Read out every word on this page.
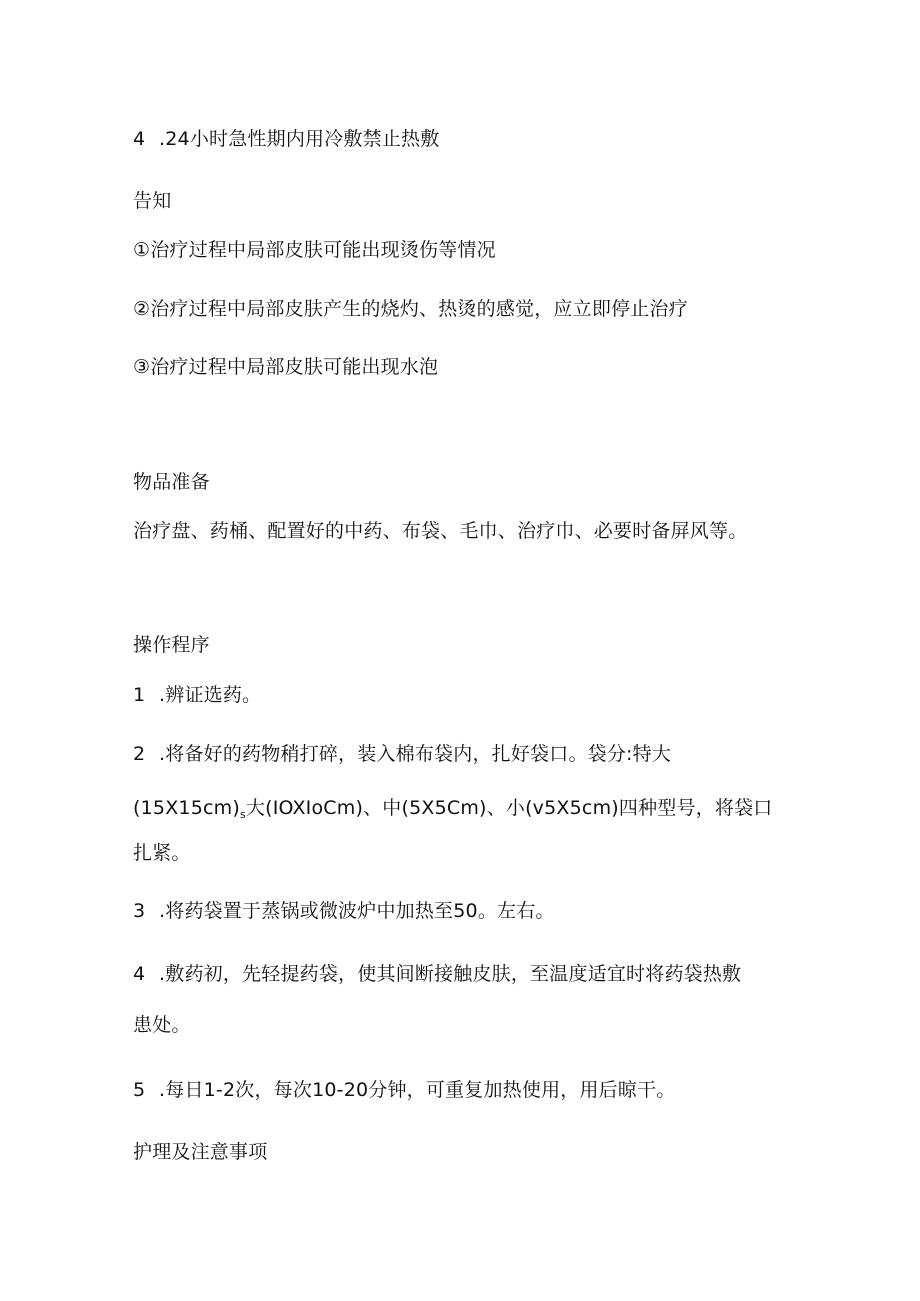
4 .24小时急性期内用冷敷禁止热敷
告知
①治疗过程中局部皮肤可能出现烫伤等情况
②治疗过程中局部皮肤产生的烧灼、热烫的感觉，应立即停止治疗
③治疗过程中局部皮肤可能出现水泡
物品准备
治疗盘、药桶、配置好的中药、布袋、毛巾、治疗巾、必要时备屏风等。
操作程序
1 .辨证选药。
2 .将备好的药物稍打碎，装入棉布袋内，扎好袋口。袋分:特大
$(15X15cm)_s$大(IOXIoCm)、中(5X5Cm)、小(v5X5cm)四种型号，将袋口
扎紧。
3 .将药袋置于蒸锅或微波炉中加热至50。左右。
4 .敷药初，先轻提药袋，使其间断接触皮肤，至温度适宜时将药袋热敷
患处。
5 .每日1-2次，每次10-20分钟，可重复加热使用，用后晾干。
护理及注意事项
